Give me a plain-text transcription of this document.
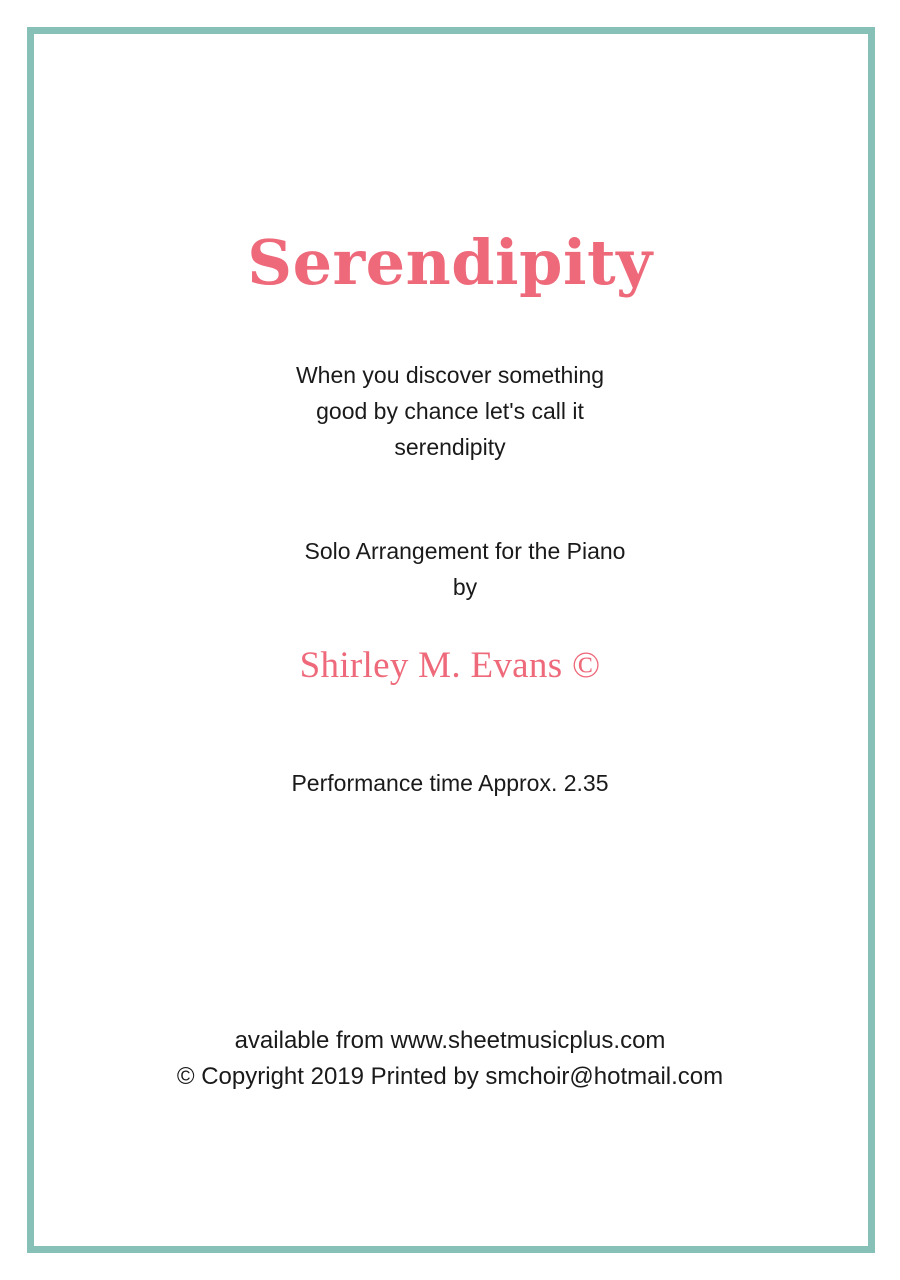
Serendipity
When you discover something
good by chance let's call it
serendipity
Solo Arrangement for the Piano
by
Shirley M. Evans ©
Performance time Approx. 2.35
available from www.sheetmusicplus.com
© Copyright 2019 Printed by smchoir@hotmail.com
